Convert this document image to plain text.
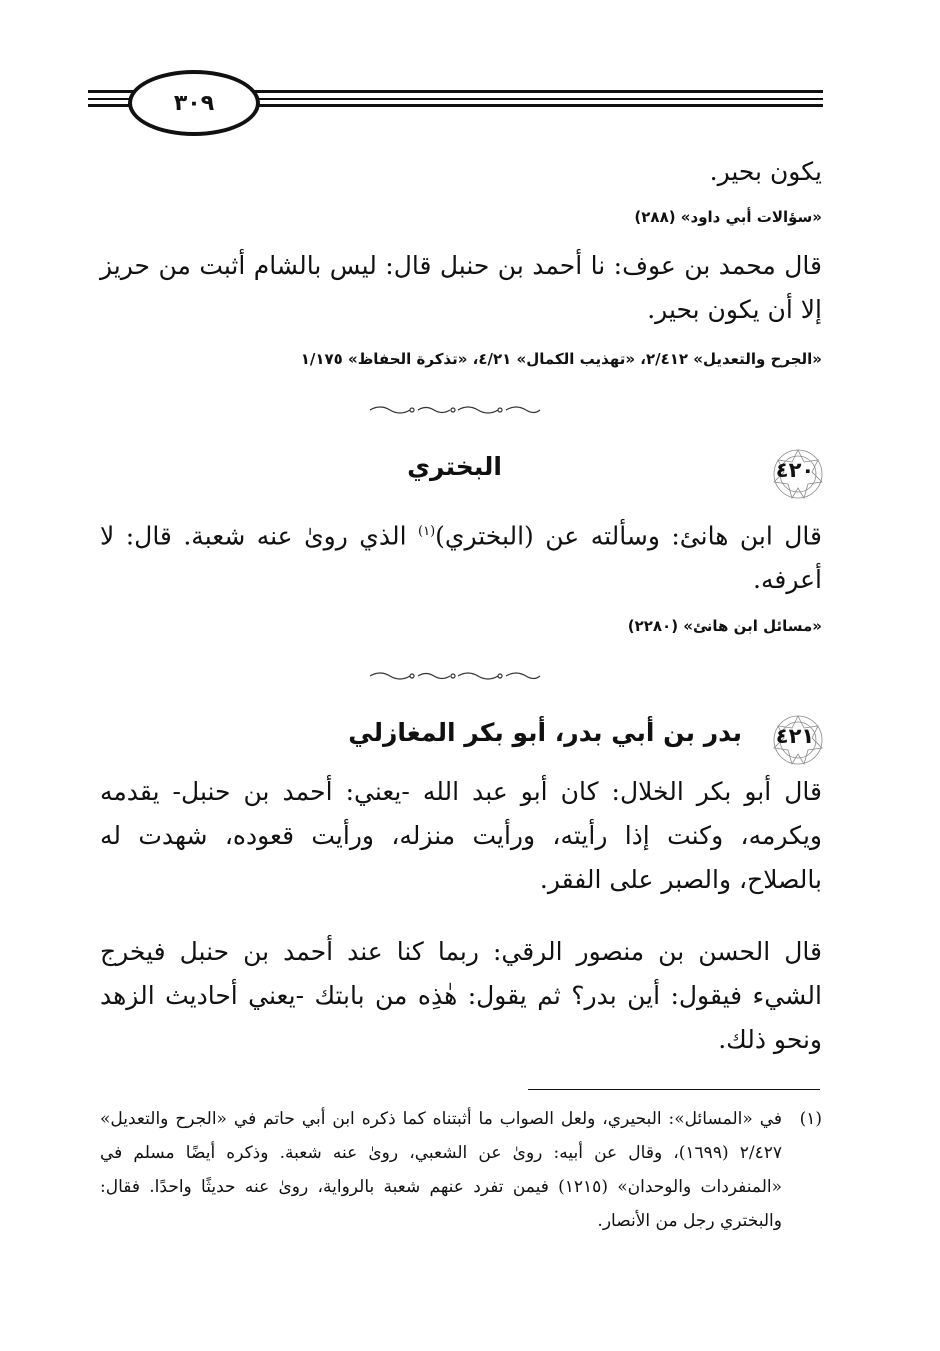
٣٠٩
يكون بحير.
«سؤالات أبي داود» (٢٨٨)
قال محمد بن عوف: نا أحمد بن حنبل قال: ليس بالشام أثبت من حريز إلا أن يكون بحير.
«الجرح والتعديل» ٢/٤١٢، «تهذيب الكمال» ٤/٢١، «تذكرة الحفاظ» ١/١٧٥
٤٢٠
البختري
قال ابن هانئ: وسألته عن (البختري)$^{(١)}$ الذي روىٰ عنه شعبة. قال: لا أعرفه.
«مسائل ابن هانئ» (٢٢٨٠)
٤٢١
بدر بن أبي بدر، أبو بكر المغازلي
قال أبو بكر الخلال: كان أبو عبد الله -يعني: أحمد بن حنبل- يقدمه ويكرمه، وكنت إذا رأيته، ورأيت منزله، ورأيت قعوده، شهدت له بالصلاح، والصبر على الفقر.
قال الحسن بن منصور الرقي: ربما كنا عند أحمد بن حنبل فيخرج الشيء فيقول: أين بدر؟ ثم يقول: هٰذِه من بابتك -يعني أحاديث الزهد ونحو ذلك.
(١)
في «المسائل»: البحيري، ولعل الصواب ما أثبتناه كما ذكره ابن أبي حاتم في «الجرح والتعديل» ٢/٤٢٧ (١٦٩٩)، وقال عن أبيه: روىٰ عن الشعبي، روىٰ عنه شعبة. وذكره أيضًا مسلم في «المنفردات والوحدان» (١٢١٥) فيمن تفرد عنهم شعبة بالرواية، روىٰ عنه حديثًا واحدًا. فقال: والبختري رجل من الأنصار.
